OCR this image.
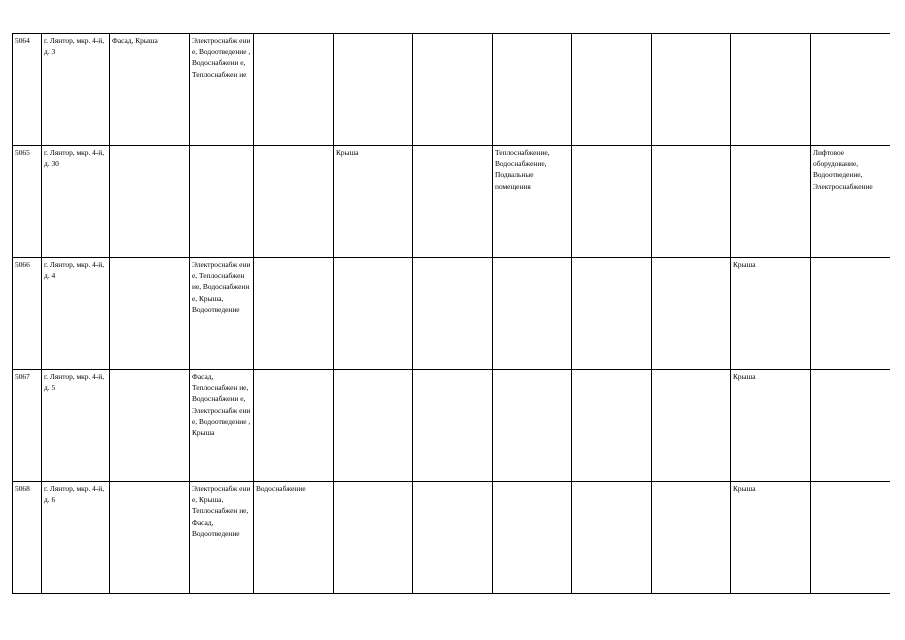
5064	г. Лянтор, мкр. 4-й, д. 3	Фасад, Крыша	Электроснабж ени е, Водоотведение , Водоснабжени е, Теплоснабжен ие								
5065	г. Лянтор, мкр. 4-й, д. 30				Крыша		Теплоснабжение, Водоснабжение, Подвальные помещения				Лифтовое оборудование, Водоотведение, Электроснабжение
5066	г. Лянтор, мкр. 4-й, д. 4		Электроснабж ени е, Теплоснабжен ие, Водоснабжени е, Крыша, Водоотведение							Крыша	
5067	г. Лянтор, мкр. 4-й, д. 5		Фасад, Теплоснабжен ие, Водоснабжени е, Электроснабж ени е, Водоотведение , Крыша							Крыша	
5068	г. Лянтор, мкр. 4-й, д. 6		Электроснабж ени е, Крыша, Теплоснабжен ие, Фасад, Водоотведение	Водоснабжение						Крыша	
